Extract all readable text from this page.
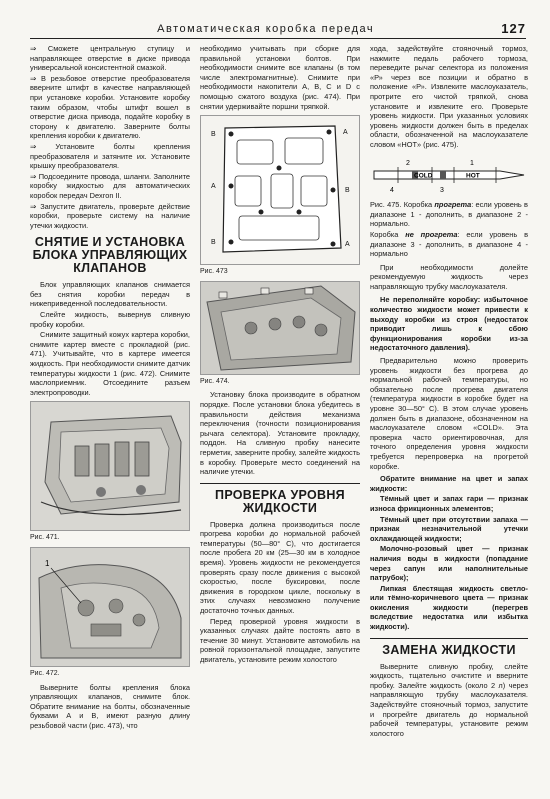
Автоматическая коробка передач	127

⇒ Сможете центральную ступицу и направляющее отверстие в диске привода универсальной консистентной смазкой.

⇒ В резьбовое отверстие преобразователя вверните штифт в качестве направляющей при установке коробки. Установите коробку таким образом, чтобы штифт вошел в отверстие диска привода, подайте коробку в сторону к двигателю. Заверните болты крепления коробки к двигателю.

⇒ Установите болты крепления преобразователя и затяните их. Установите крышку преобразователя.

⇒ Подсоедините провода, шланги. Заполните коробку жидкостью для автоматических коробок передач Dexron II.

⇒ Запустите двигатель, проверьте действие коробки, проверьте систему на наличие утечки жидкости.

СНЯТИЕ И УСТАНОВКА БЛОКА УПРАВЛЯЮЩИХ КЛАПАНОВ

Блок управляющих клапанов снимается без снятия коробки передач в нижеприведенной последовательности.

Слейте жидкость, вывернув сливную пробку коробки.

Снимите защитный кожух картера коробки, снимите картер вместе с прокладкой (рис. 471). Учитывайте, что в картере имеется жидкость. При необходимости снимите датчик температуры жидкости 1 (рис. 472). Снимите маслоприемник. Отсоедините разъем электропроводки.

Рис. 471.
1
Рис. 472.

Выверните болты крепления блока управляющих клапанов, снимите блок. Обратите внимание на болты, обозначенные буквами А и В, имеют разную длину резьбовой части (рис. 473), что

необходимо учитывать при сборке для правильной установки болтов. При необходимости снимите все клапаны (в том числе электромагнитные). Снимите при необходимости накопители А, В, С и D с помощью сжатого воздуха (рис. 474). При снятии удерживайте поршни тряпкой.

B	A
A
B
B	A
Рис. 473
Рис. 474.

Установку блока производите в обратном порядке. После установки блока убедитесь в правильности действия механизма переключения (точности позиционирования рычага селектора). Установите прокладку, поддон. На сливную пробку нанесите герметик, заверните пробку, залейте жидкость в коробку. Проверьте место соединений на наличие утечки.

ПРОВЕРКА УРОВНЯ ЖИДКОСТИ

Проверка должна производиться после прогрева коробки до нормальной рабочей температуры (50—80° С), что достигается после пробега 20 км (25—30 км в холодное время). Уровень жидкости не рекомендуется проверять сразу после движения с высокой скоростью, после буксировки, после движения в городском цикле, поскольку в этих случаях невозможно получение достаточно точных данных.

Перед проверкой уровня жидкости в указанных случаях дайте постоять авто в течение 30 минут. Установите автомобиль на ровной горизонтальной площадке, запустите двигатель, установите режим холостого

хода, задействуйте стояночный тормоз, нажмите педаль рабочего тормоза, переведите рычаг селектора из положения «Р» через все позиции и обратно в положение «Р». Извлеките маслоуказатель, протрите его чистой тряпкой, снова установите и извлеките его. Проверьте уровень жидкости. При указанных условиях уровень жидкости должен быть в пределах области, обозначенной на маслоуказателе словом «HOT» (рис. 475).

2	1
COLD	HOT
4	3

Рис. 475. Коробка прогрета: если уровень в диапазоне 1 - дополнить, в диапазоне 2 - нормально.

Коробка не прогрета: если уровень в диапазоне 3 - дополнить, в диапазоне 4 - нормально

При необходимости долейте рекомендуемую жидкость через направляющую трубку маслоуказателя.

Не переполняйте коробку: избыточное количество жидкости может привести к выходу коробки из строя (недостаток приводит лишь к сбою функционирования коробки из-за недостаточного давления).

Предварительно можно проверить уровень жидкости без прогрева до нормальной рабочей температуры, но обязательно после прогрева двигателя (температура жидкости в коробке будет на уровне 30—50° С). В этом случае уровень должен быть в диапазоне, обозначенном на маслоуказателе словом «COLD». Эта проверка часто ориентировочная, для точного определения уровня жидкости требуется перепроверка на прогретой коробке.

Обратите внимание на цвет и запах жидкости:

Тёмный цвет и запах гари — признак износа фрикционных элементов;

Тёмный цвет при отсутствии запаха — признак незначительной утечки охлаждающей жидкости;

Молочно-розовый цвет — признак наличия воды в жидкости (попадание через сапун или наполнительные патрубок);

Липкая блестящая жидкость светло- или тёмно-коричневого цвета — признак окисления жидкости (перегрев вследствие недостатка или избытка жидкости).

ЗАМЕНА ЖИДКОСТИ

Выверните сливную пробку, слейте жидкость, тщательно очистите и вверните пробку. Залейте жидкость (около 2 л) через направляющую трубку маслоуказателя. Задействуйте стояночный тормоз, запустите и прогрейте двигатель до нормальной рабочей температуры, установите режим холостого
